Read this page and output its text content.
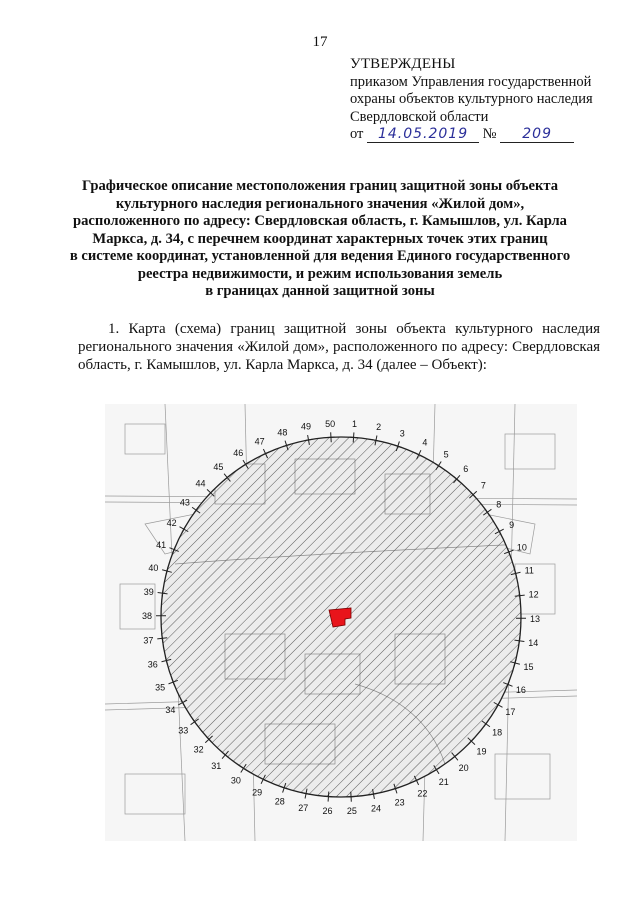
17
УТВЕРЖДЕНЫ
приказом Управления государственной
охраны объектов культурного наследия
Свердловской области
от 14.05.2019 № 209
Графическое описание местоположения границ защитной зоны объекта
культурного наследия регионального значения «Жилой дом»,
расположенного по адресу: Свердловская область, г. Камышлов, ул. Карла
Маркса, д. 34, с перечнем координат характерных точек этих границ
в системе координат, установленной для ведения Единого государственного
реестра недвижимости, и режим использования земель
в границах данной защитной зоны
1. Карта (схема) границ защитной зоны объекта культурного наследия
регионального значения «Жилой дом», расположенного по адресу: Свердловская
область, г. Камышлов, ул. Карла Маркса, д. 34 (далее – Объект):
1 2
3
4
5
6
7
8
9
10
11
12
13
14
15
16
17
18
19
20
21
22
23
24
25
26
27
28
29
30
31
32
33
34
35
36
37
38
39
40
41
42
43
44
45
46
47
48
49 50
